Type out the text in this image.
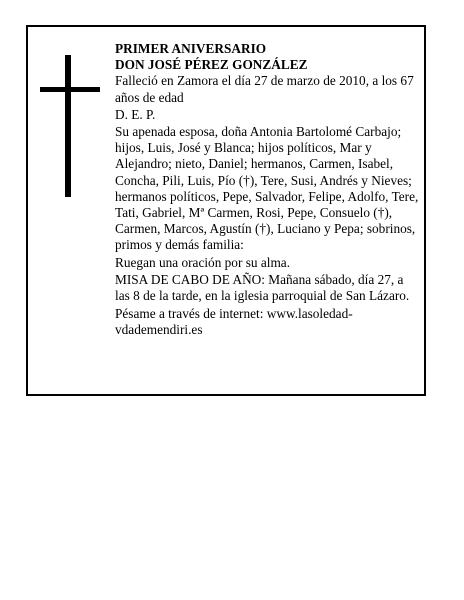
PRIMER ANIVERSARIO
DON JOSÉ PÉREZ GONZÁLEZ

Falleció en Zamora el día 27 de marzo de 2010, a los 67 años de edad

D. E. P.

Su apenada esposa, doña Antonia Bartolomé Carbajo; hijos, Luis, José y Blanca; hijos políticos, Mar y Alejandro; nieto, Daniel; hermanos, Carmen, Isabel, Concha, Pili, Luis, Pío (†), Tere, Susi, Andrés y Nieves; hermanos políticos, Pepe, Salvador, Felipe, Adolfo, Tere, Tati, Gabriel, Mª Carmen, Rosi, Pepe, Consuelo (†), Carmen, Marcos, Agustín (†), Luciano y Pepa; sobrinos, primos y demás familia:

Ruegan una oración por su alma.

MISA DE CABO DE AÑO: Mañana sábado, día 27, a las 8 de la tarde, en la iglesia parroquial de San Lázaro.

Pésame a través de internet: www.lasoledad-vdademendiri.es
